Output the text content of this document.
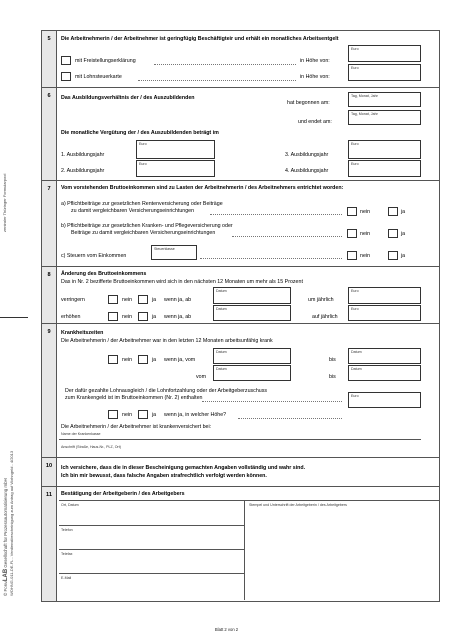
zentraler Thüringer Formularpool
© FORMLAB Gesellschaft für Prozessautomatisierung mbH WOHNG-011-DE-FL - Verdienstbescheinigung zum Antrag auf Wohngeld - 4/2013
5	Die Arbeitnehmerin / der Arbeitnehmer ist geringfügig Beschäftigteir und erhält ein monatliches Arbeitsentgelt
mit Freistellungserklärung	in Höhe von:
Euro
mit Lohnsteuerkarte	in Höhe von:
Euro
6	Das Ausbildungsverhältnis der / des Auszubildenden
hat begonnen am:
Tag, Monat, Jahr
und endet am:
Tag, Monat, Jahr
Die monatliche Vergütung der / des Auszubildenden beträgt im
1. Ausbildungsjahr
Euro
2. Ausbildungsjahr
Euro
3. Ausbildungsjahr
Euro
4. Ausbildungsjahr
Euro
7	Vom vorstehenden Bruttoeinkommen sind zu Lasten der Arbeitnehmerin / des Arbeitnehmers entrichtet worden:
a) Pflichtbeiträge zur gesetzlichen Rentenversicherung oder Beiträge
zu damit vergleichbaren Versicherungseinrichtungen	nein	ja
b) Pflichtbeiträge zur gesetzlichen Kranken- und Pflegeversicherung oder
Beiträge zu damit vergleichbaren Versicherungseinrichtungen	nein	ja
c) Steuern vom Einkommen
Steuerklasse
nein	ja
8	Änderung des Bruttoeinkommens
Das in Nr. 2 bezifferte Bruttoeinkommen wird sich in den nächsten 12 Monaten um mehr als 15 Prozent
verringern	nein	ja wenn ja, ab
Datum
um jährlich
Euro
erhöhen	nein	ja wenn ja, ab
Datum
auf jährlich
Euro
9	Krankheitszeiten
Die Arbeitnehmerin / der Arbeitnehmer war in den letzten 12 Monaten arbeitsunfähig krank
nein	ja wenn ja, vom
Datum
bis
Datum
vom
Datum
bis
Datum
Der dafür gezahlte Lohnausgleich / die Lohnfortzahlung oder der Arbeitgeberzuschuss
zum Krankengeld ist im Bruttoeinkommen (Nr. 2) enthalten	Euro
nein	ja wenn ja, in welcher Höhe?
Die Arbeitnehmerin / der Arbeitnehmer ist krankenversichert bei:
Name der Krankenkasse
Anschrift (Straße, Haus-Nr., PLZ, Ort)
10	Ich versichere, dass die in dieser Bescheinigung gemachten Angaben vollständig und wahr sind.
Ich bin mir bewusst, dass falsche Angaben strafrechtlich verfolgt werden können.
11	Bestätigung der Arbeitgeberin / des Arbeitgebers
Ort, Datum
Telefon
Telefax
E-Mail
Stempel und Unterschrift der Arbeitgeberin / des Arbeitgebers
Blatt 2 von 2
